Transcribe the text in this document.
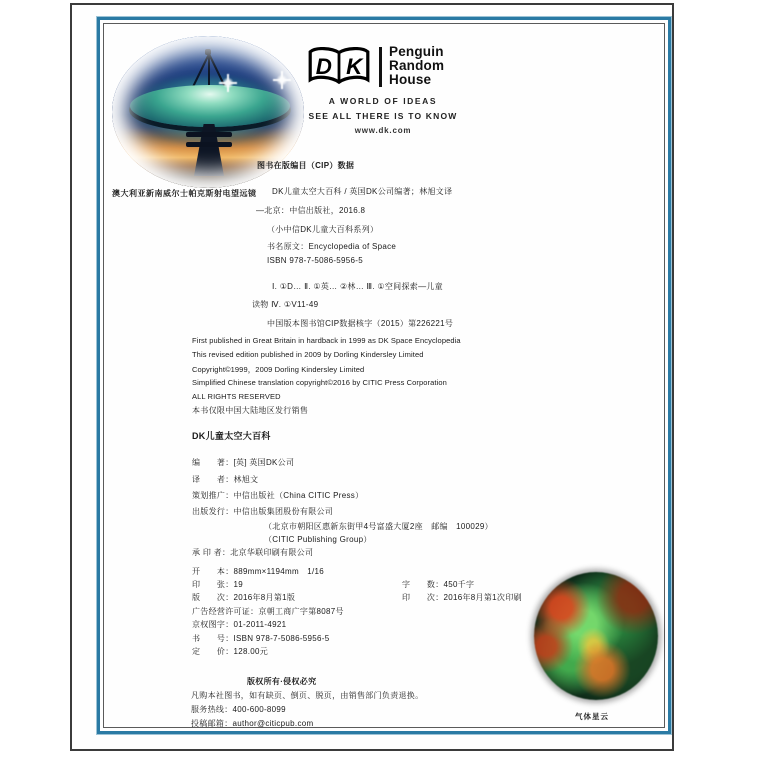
澳大利亚新南威尔士帕克斯射电望远镜
D K
Penguin
Random
House
A WORLD OF IDEAS
SEE ALL THERE IS TO KNOW
www.dk.com
图书在版编目（CIP）数据
DK儿童太空大百科 / 英国DK公司编著；林旭文译
—北京：中信出版社，2016.8
（小中信DK儿童大百科系列）
书名原文：Encyclopedia of Space
ISBN 978-7-5086-5956-5
Ⅰ. ①D… Ⅱ. ①英… ②林… Ⅲ. ①空间探索—儿童
读物 Ⅳ. ①V11-49
中国版本图书馆CIP数据核字（2015）第226221号
First published in Great Britain in hardback in 1999 as DK Space Encyclopedia
This revised edition published in 2009 by Dorling Kindersley Limited
Copyright©1999，2009 Dorling Kindersley Limited
Simplified Chinese translation copyright©2016 by CITIC Press Corporation
ALL RIGHTS RESERVED
本书仅限中国大陆地区发行销售
DK儿童太空大百科
编　　著：[英] 英国DK公司
译　　者：林旭文
策划推广：中信出版社（China CITIC Press）
出版发行：中信出版集团股份有限公司
（北京市朝阳区惠新东街甲4号富盛大厦2座　邮编　100029）
（CITIC Publishing Group）
承 印 者：北京华联印刷有限公司
开　　本：889mm×1194mm　1/16
印　　张：19	字　　数：450千字
版　　次：2016年8月第1版	印　　次：2016年8月第1次印刷
广告经营许可证：京朝工商广字第8087号
京权图字：01-2011-4921
书　　号：ISBN 978-7-5086-5956-5
定　　价：128.00元
版权所有·侵权必究
凡购本社图书，如有缺页、倒页、脱页，由销售部门负责退换。
服务热线：400-600-8099
投稿邮箱：author@citicpub.com
气体星云
